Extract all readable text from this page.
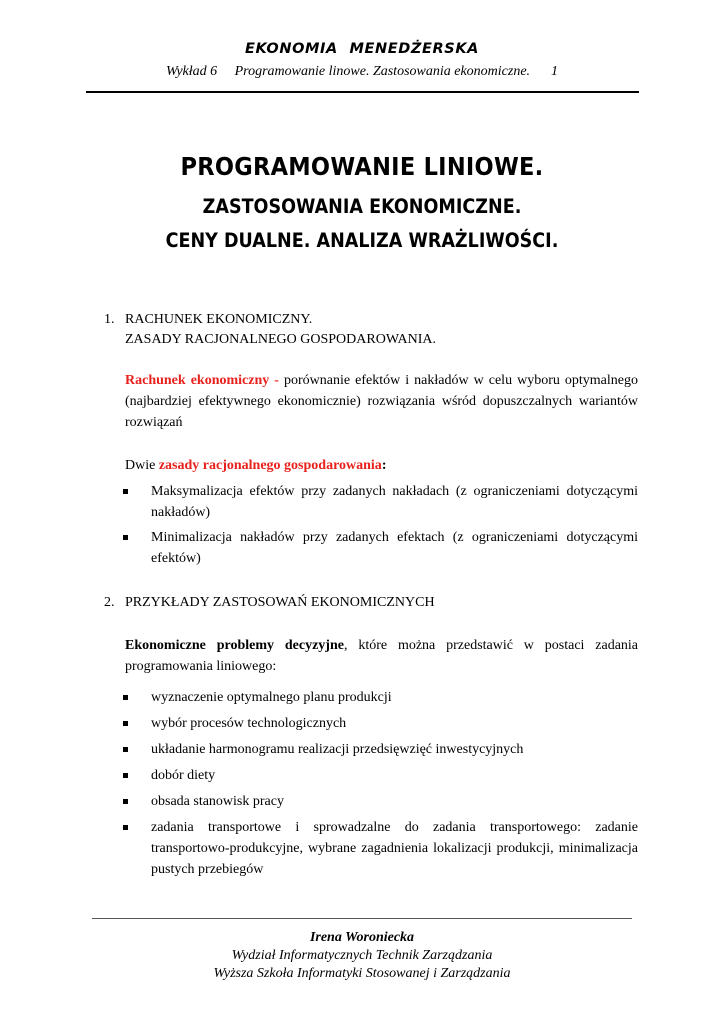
EKONOMIA MENEDŻERSKA
Wykład 6     Programowanie linowe. Zastosowania ekonomiczne.      1
PROGRAMOWANIE LINIOWE.
ZASTOSOWANIA EKONOMICZNE.
CENY DUALNE. ANALIZA WRAŻLIWOŚCI.
1. RACHUNEK EKONOMICZNY.
ZASADY RACJONALNEGO GOSPODAROWANIA.

Rachunek ekonomiczny - porównanie efektów i nakładów w celu wyboru optymalnego (najbardziej efektywnego ekonomicznie) rozwiązania wśród dopuszczalnych wariantów rozwiązań

Dwie zasady racjonalnego gospodarowania:

Maksymalizacja efektów przy zadanych nakładach (z ograniczeniami dotyczącymi nakładów)
Minimalizacja nakładów przy zadanych efektach (z ograniczeniami dotyczącymi efektów)
2. PRZYKŁADY ZASTOSOWAŃ EKONOMICZNYCH

Ekonomiczne problemy decyzyjne, które można przedstawić w postaci zadania programowania liniowego:

wyznaczenie optymalnego planu produkcji
wybór procesów technologicznych
układanie harmonogramu realizacji przedsięwzięć inwestycyjnych
dobór diety
obsada stanowisk pracy
zadania transportowe i sprowadzalne do zadania transportowego: zadanie transportowo-produkcyjne, wybrane zagadnienia lokalizacji produkcji, minimalizacja pustych przebiegów
Irena Woroniecka
Wydział Informatycznych Technik Zarządzania
Wyższa Szkoła Informatyki Stosowanej i Zarządzania
